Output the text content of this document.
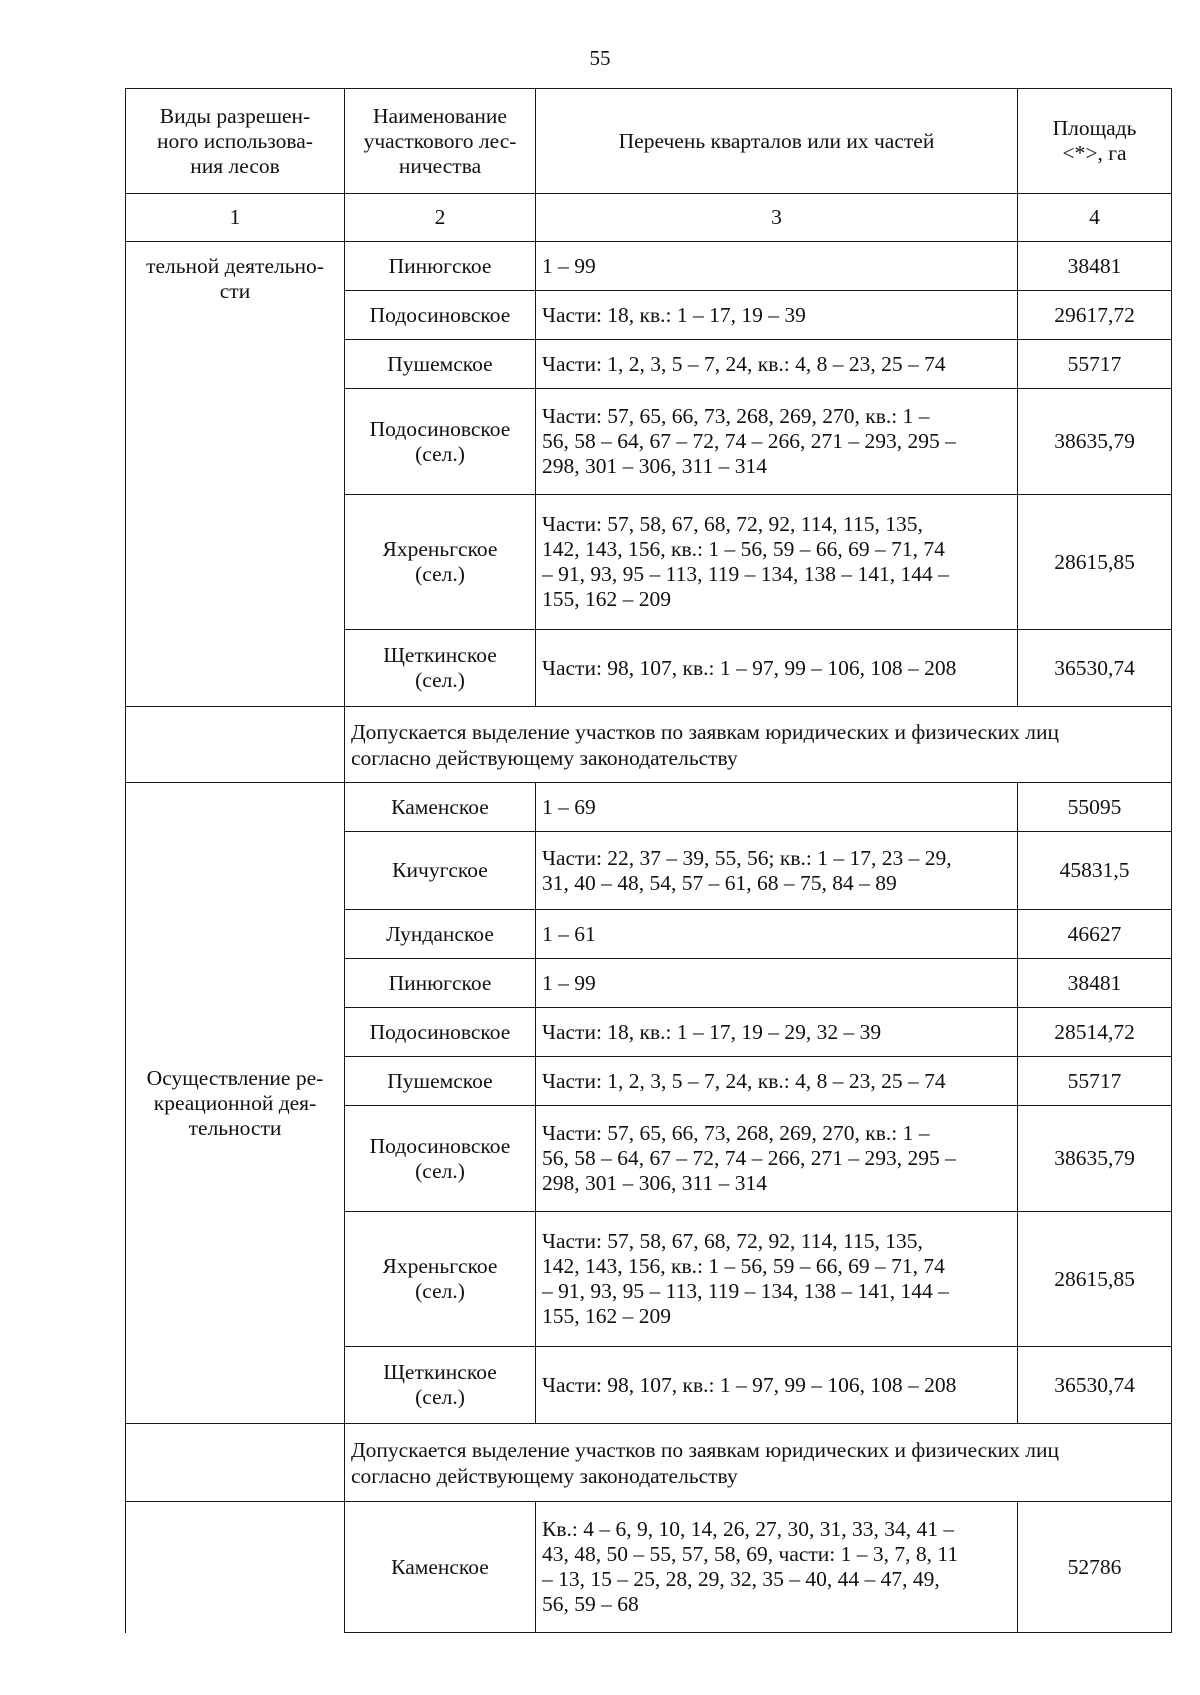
55
Виды разрешен-
ного использова-
ния лесов	Наименование
участкового лес-
ничества	Перечень кварталов или их частей	Площадь
<*>, га
1	2	3	4
тельной деятельно-
сти	Пинюгское	1 – 99	38481
	Подосиновское	Части: 18, кв.: 1 – 17, 19 – 39	29617,72
	Пушемское	Части: 1, 2, 3, 5 – 7, 24, кв.: 4, 8 – 23, 25 – 74	55717
	Подосиновское
(сел.)	Части: 57, 65, 66, 73, 268, 269, 270, кв.: 1 –
56, 58 – 64, 67 – 72, 74 – 266, 271 – 293, 295 –
298, 301 – 306, 311 – 314	38635,79
	Яхреньгское
(сел.)	Части: 57, 58, 67, 68, 72, 92, 114, 115, 135,
142, 143, 156, кв.: 1 – 56, 59 – 66, 69 – 71, 74
– 91, 93, 95 – 113, 119 – 134, 138 – 141, 144 –
155, 162 – 209	28615,85
	Щеткинское
(сел.)	Части: 98, 107, кв.: 1 – 97, 99 – 106, 108 – 208	36530,74
	Допускается выделение участков по заявкам юридических и физических лиц
согласно действующему законодательству		
Осуществление ре-
креационной дея-
тельности	Каменское	1 – 69	55095
	Кичугское	Части: 22, 37 – 39, 55, 56; кв.: 1 – 17, 23 – 29,
31, 40 – 48, 54, 57 – 61, 68 – 75, 84 – 89	45831,5
	Лунданское	1 – 61	46627
	Пинюгское	1 – 99	38481
	Подосиновское	Части: 18, кв.: 1 – 17, 19 – 29, 32 – 39	28514,72
	Пушемское	Части: 1, 2, 3, 5 – 7, 24, кв.: 4, 8 – 23, 25 – 74	55717
	Подосиновское
(сел.)	Части: 57, 65, 66, 73, 268, 269, 270, кв.: 1 –
56, 58 – 64, 67 – 72, 74 – 266, 271 – 293, 295 –
298, 301 – 306, 311 – 314	38635,79
	Яхреньгское
(сел.)	Части: 57, 58, 67, 68, 72, 92, 114, 115, 135,
142, 143, 156, кв.: 1 – 56, 59 – 66, 69 – 71, 74
– 91, 93, 95 – 113, 119 – 134, 138 – 141, 144 –
155, 162 – 209	28615,85
	Щеткинское
(сел.)	Части: 98, 107, кв.: 1 – 97, 99 – 106, 108 – 208	36530,74
	Допускается выделение участков по заявкам юридических и физических лиц
согласно действующему законодательству		
	Каменское	Кв.: 4 – 6, 9, 10, 14, 26, 27, 30, 31, 33, 34, 41 –
43, 48, 50 – 55, 57, 58, 69, части: 1 – 3, 7, 8, 11
– 13, 15 – 25, 28, 29, 32, 35 – 40, 44 – 47, 49,
56, 59 – 68	52786
